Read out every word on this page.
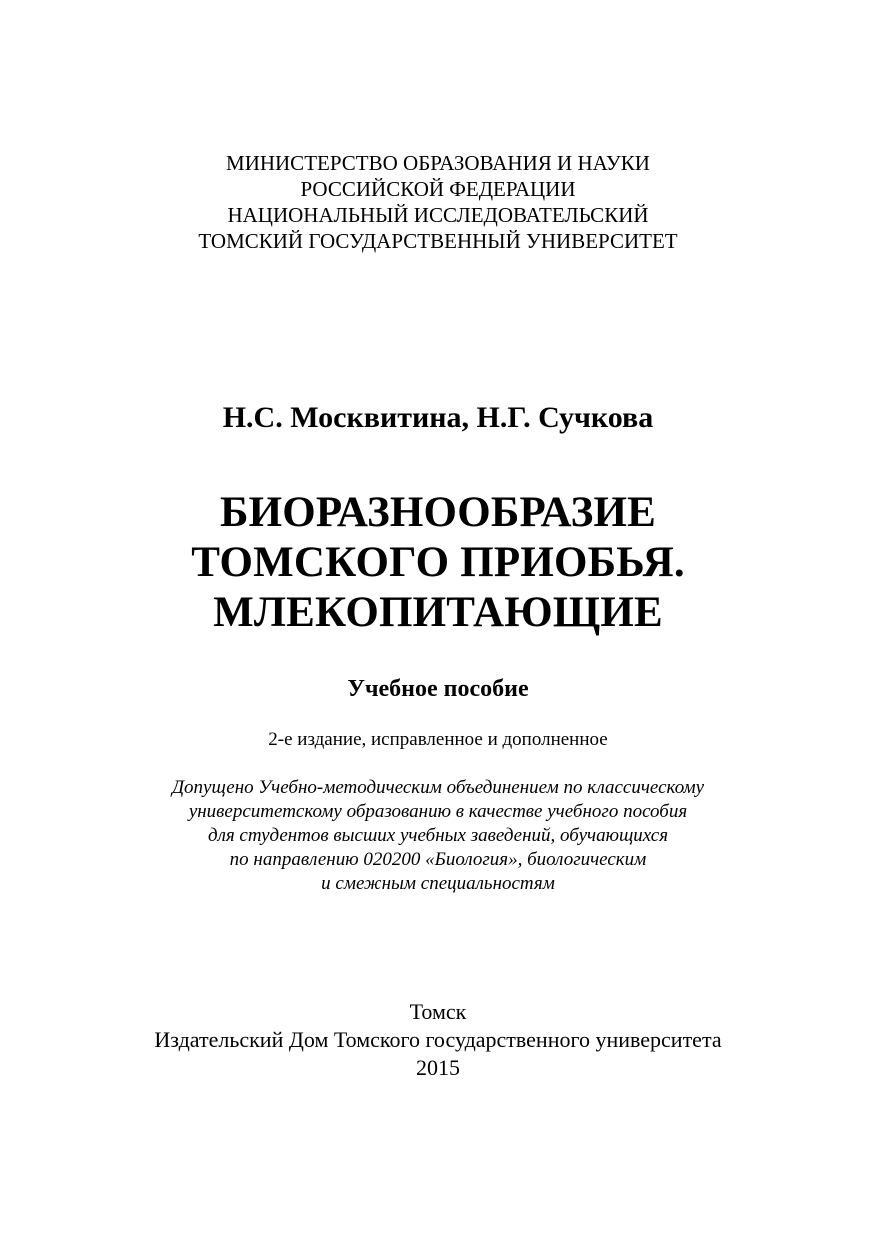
МИНИСТЕРСТВО ОБРАЗОВАНИЯ И НАУКИ
РОССИЙСКОЙ ФЕДЕРАЦИИ
НАЦИОНАЛЬНЫЙ ИССЛЕДОВАТЕЛЬСКИЙ
ТОМСКИЙ ГОСУДАРСТВЕННЫЙ УНИВЕРСИТЕТ
Н.С. Москвитина, Н.Г. Сучкова
БИОРАЗНООБРАЗИЕ
ТОМСКОГО ПРИОБЬЯ.
МЛЕКОПИТАЮЩИЕ
Учебное пособие
2-е издание, исправленное и дополненное
Допущено Учебно-методическим объединением по классическому
университетскому образованию в качестве учебного пособия
для студентов высших учебных заведений, обучающихся
по направлению 020200 «Биология», биологическим
и смежным специальностям
Томск
Издательский Дом Томского государственного университета
2015
